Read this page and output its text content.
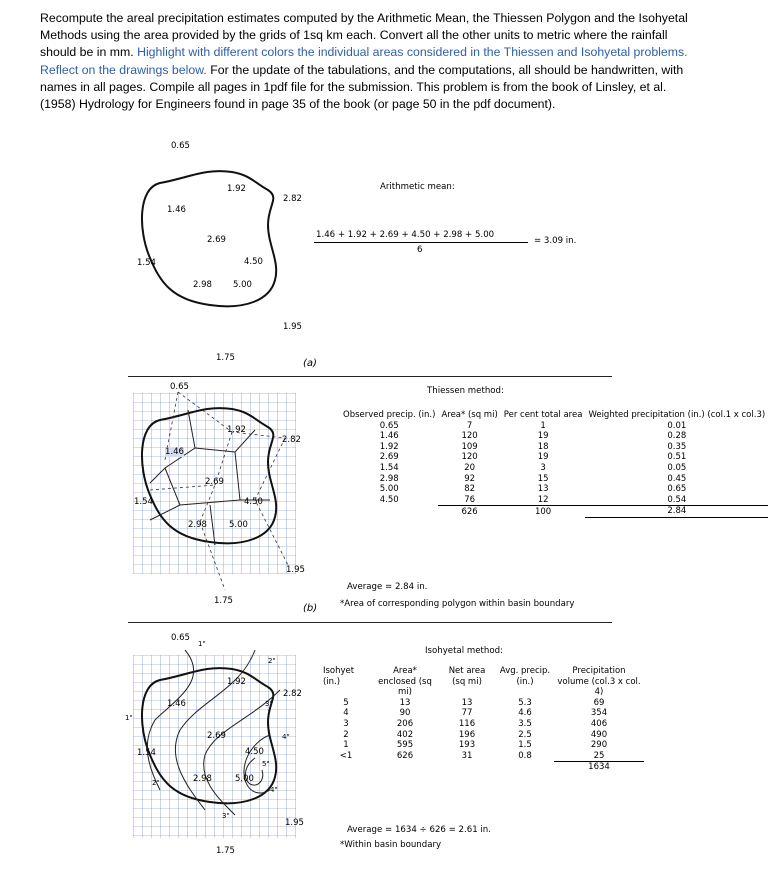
Recompute the areal precipitation estimates computed by the Arithmetic Mean, the Thiessen Polygon and the Isohyetal Methods using the area provided by the grids of 1sq km each. Convert all the other units to metric where the rainfall should be in mm. Highlight with different colors the individual areas considered in the Thiessen and Isohyetal problems. Reflect on the drawings below. For the update of the tabulations, and the computations, all should be handwritten, with names in all pages. Compile all pages in 1pdf file for the submission. This problem is from the book of Linsley, et al. (1958) Hydrology for Engineers found in page 35 of the book (or page 50 in the pdf document).
0.65
1.92
2.82
1.46
2.69
1.54	4.50
2.98 5.00
1.95
1.75
Arithmetic mean:
1.46 + 1.92 + 2.69 + 4.50 + 2.98 + 5.00
6
= 3.09 in.
(a)
0.65
1.92
2.82
1.46
2.69
1.54	4.50
2.98	5.00
1.95
1.75
Thiessen method:
Observed precip. (in.)	Area* (sq mi)	Per cent total area	Weighted precipitation (in.) (col.1 x col.3)
0.65	7	1	0.01
1.46	120	19	0.28
1.92	109	18	0.35
2.69	120	19	0.51
1.54	20	3	0.05
2.98	92	15	0.45
5.00	82	13	0.65
4.50	76	12	0.54
	626	100	2.84
Average = 2.84 in.
*Area of corresponding polygon within basin boundary
(b)
0.65
1.92
2.82
1.46
2.69
1.54	4.50
2.98	5.00
1.95
1.75
1"
1"
2"
2"
3"
3"
4"
4"
5"
Isohyetal method:
Isohyet (in.)	Area* enclosed (sq mi)	Net area (sq mi)	Avg. precip. (in.)	Precipitation volume (col.3 x col. 4)
5	13	13	5.3	69
4	90	77	4.6	354
3	206	116	3.5	406
2	402	196	2.5	490
1	595	193	1.5	290
<1	626	31	0.8	25
				1634
Average = 1634 ÷ 626 = 2.61 in.
*Within basin boundary
